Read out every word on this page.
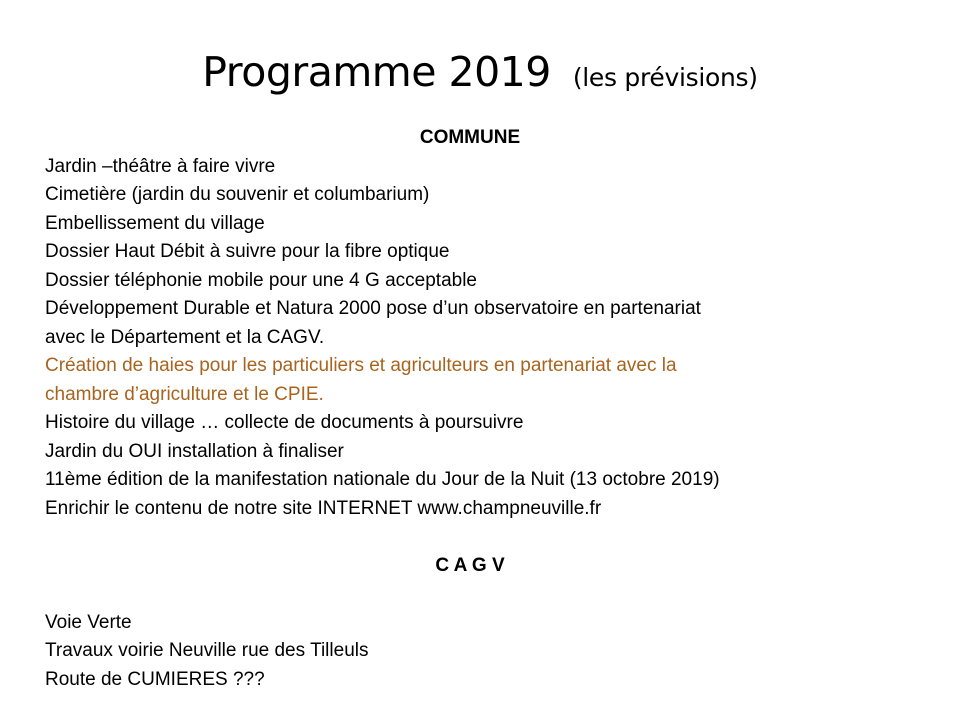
Programme 2019 (les prévisions)
COMMUNE
Jardin –théâtre à faire vivre
Cimetière (jardin du souvenir et columbarium)
Embellissement du village
Dossier Haut Débit à suivre pour la fibre optique
Dossier téléphonie mobile pour une 4 G acceptable
Développement Durable et Natura 2000 pose d’un observatoire en partenariat
avec le Département et la CAGV.
Création de haies pour les particuliers et agriculteurs en partenariat avec la
chambre d’agriculture et le CPIE.
Histoire du village … collecte de documents à poursuivre
Jardin du OUI installation à finaliser
11ème édition de la manifestation nationale du Jour de la Nuit (13 octobre 2019)
Enrichir le contenu de notre site INTERNET www.champneuville.fr
C A G V
Voie Verte
Travaux voirie Neuville rue des Tilleuls
Route de CUMIERES ???
